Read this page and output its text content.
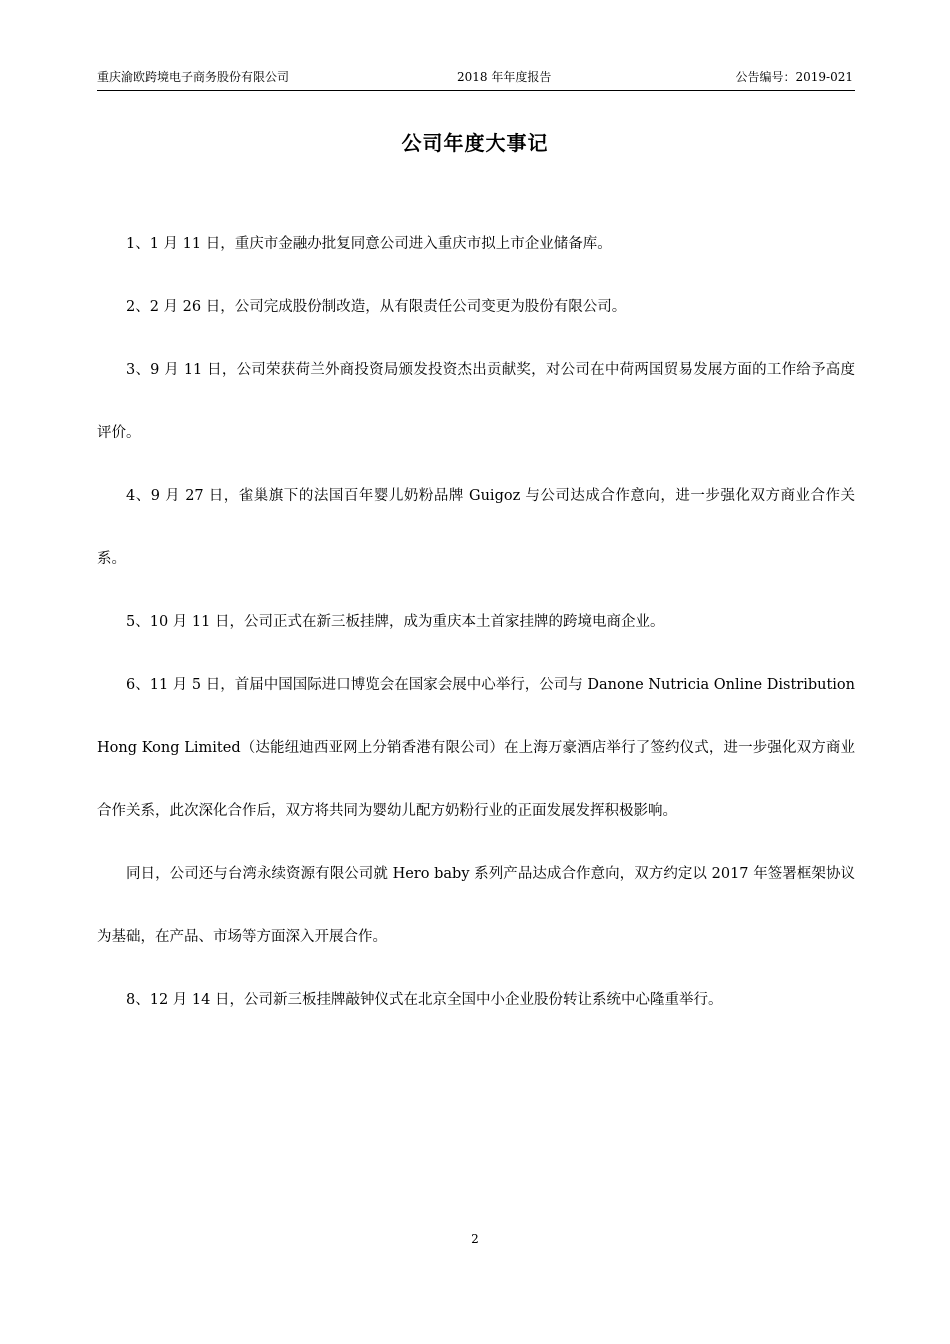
重庆渝欧跨境电子商务股份有限公司	2018 年年度报告	公告编号：2019-021
公司年度大事记

1、1 月 11 日，重庆市金融办批复同意公司进入重庆市拟上市企业储备库。

2、2 月 26 日，公司完成股份制改造，从有限责任公司变更为股份有限公司。

3、9 月 11 日，公司荣获荷兰外商投资局颁发投资杰出贡献奖，对公司在中荷两国贸易发展方面的工作给予高度评价。

4、9 月 27 日，雀巢旗下的法国百年婴儿奶粉品牌 Guigoz 与公司达成合作意向，进一步强化双方商业合作关系。

5、10 月 11 日，公司正式在新三板挂牌，成为重庆本土首家挂牌的跨境电商企业。

6、11 月 5 日，首届中国国际进口博览会在国家会展中心举行，公司与 Danone Nutricia Online Distribution Hong Kong Limited（达能纽迪西亚网上分销香港有限公司）在上海万豪酒店举行了签约仪式，进一步强化双方商业合作关系，此次深化合作后，双方将共同为婴幼儿配方奶粉行业的正面发展发挥积极影响。

同日，公司还与台湾永续资源有限公司就 Hero baby 系列产品达成合作意向，双方约定以 2017 年签署框架协议为基础，在产品、市场等方面深入开展合作。

8、12 月 14 日，公司新三板挂牌敲钟仪式在北京全国中小企业股份转让系统中心隆重举行。

2
